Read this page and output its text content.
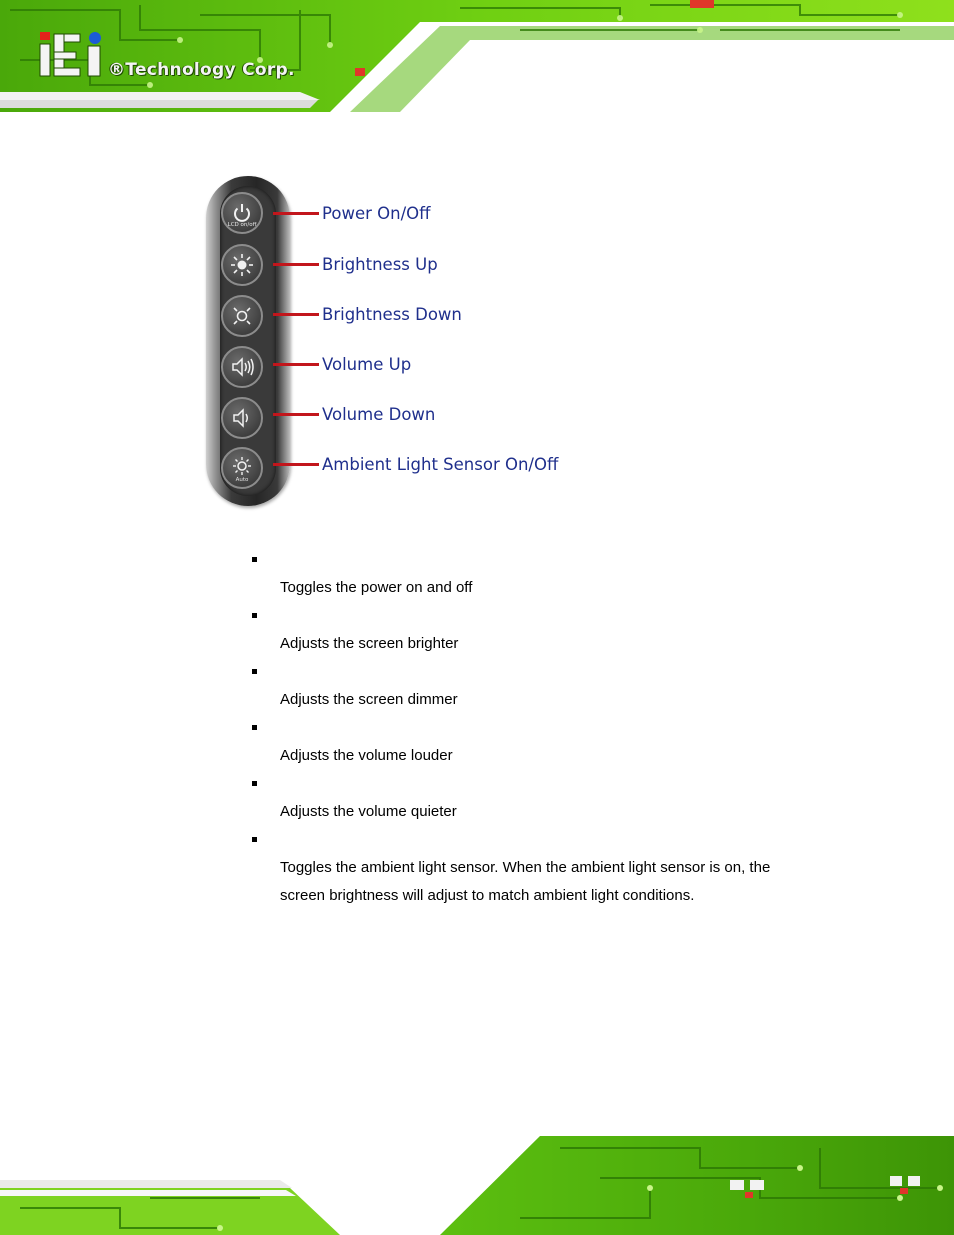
®Technology Corp.
LCD on/off
Power On/Off
Brightness Up
Brightness Down
Volume Up
Volume Down
Auto
Ambient Light Sensor On/Off
Toggles the power on and off
Adjusts the screen brighter
Adjusts the screen dimmer
Adjusts the volume louder
Adjusts the volume quieter
Toggles the ambient light sensor. When the ambient light sensor is on, the
screen brightness will adjust to match ambient light conditions.
